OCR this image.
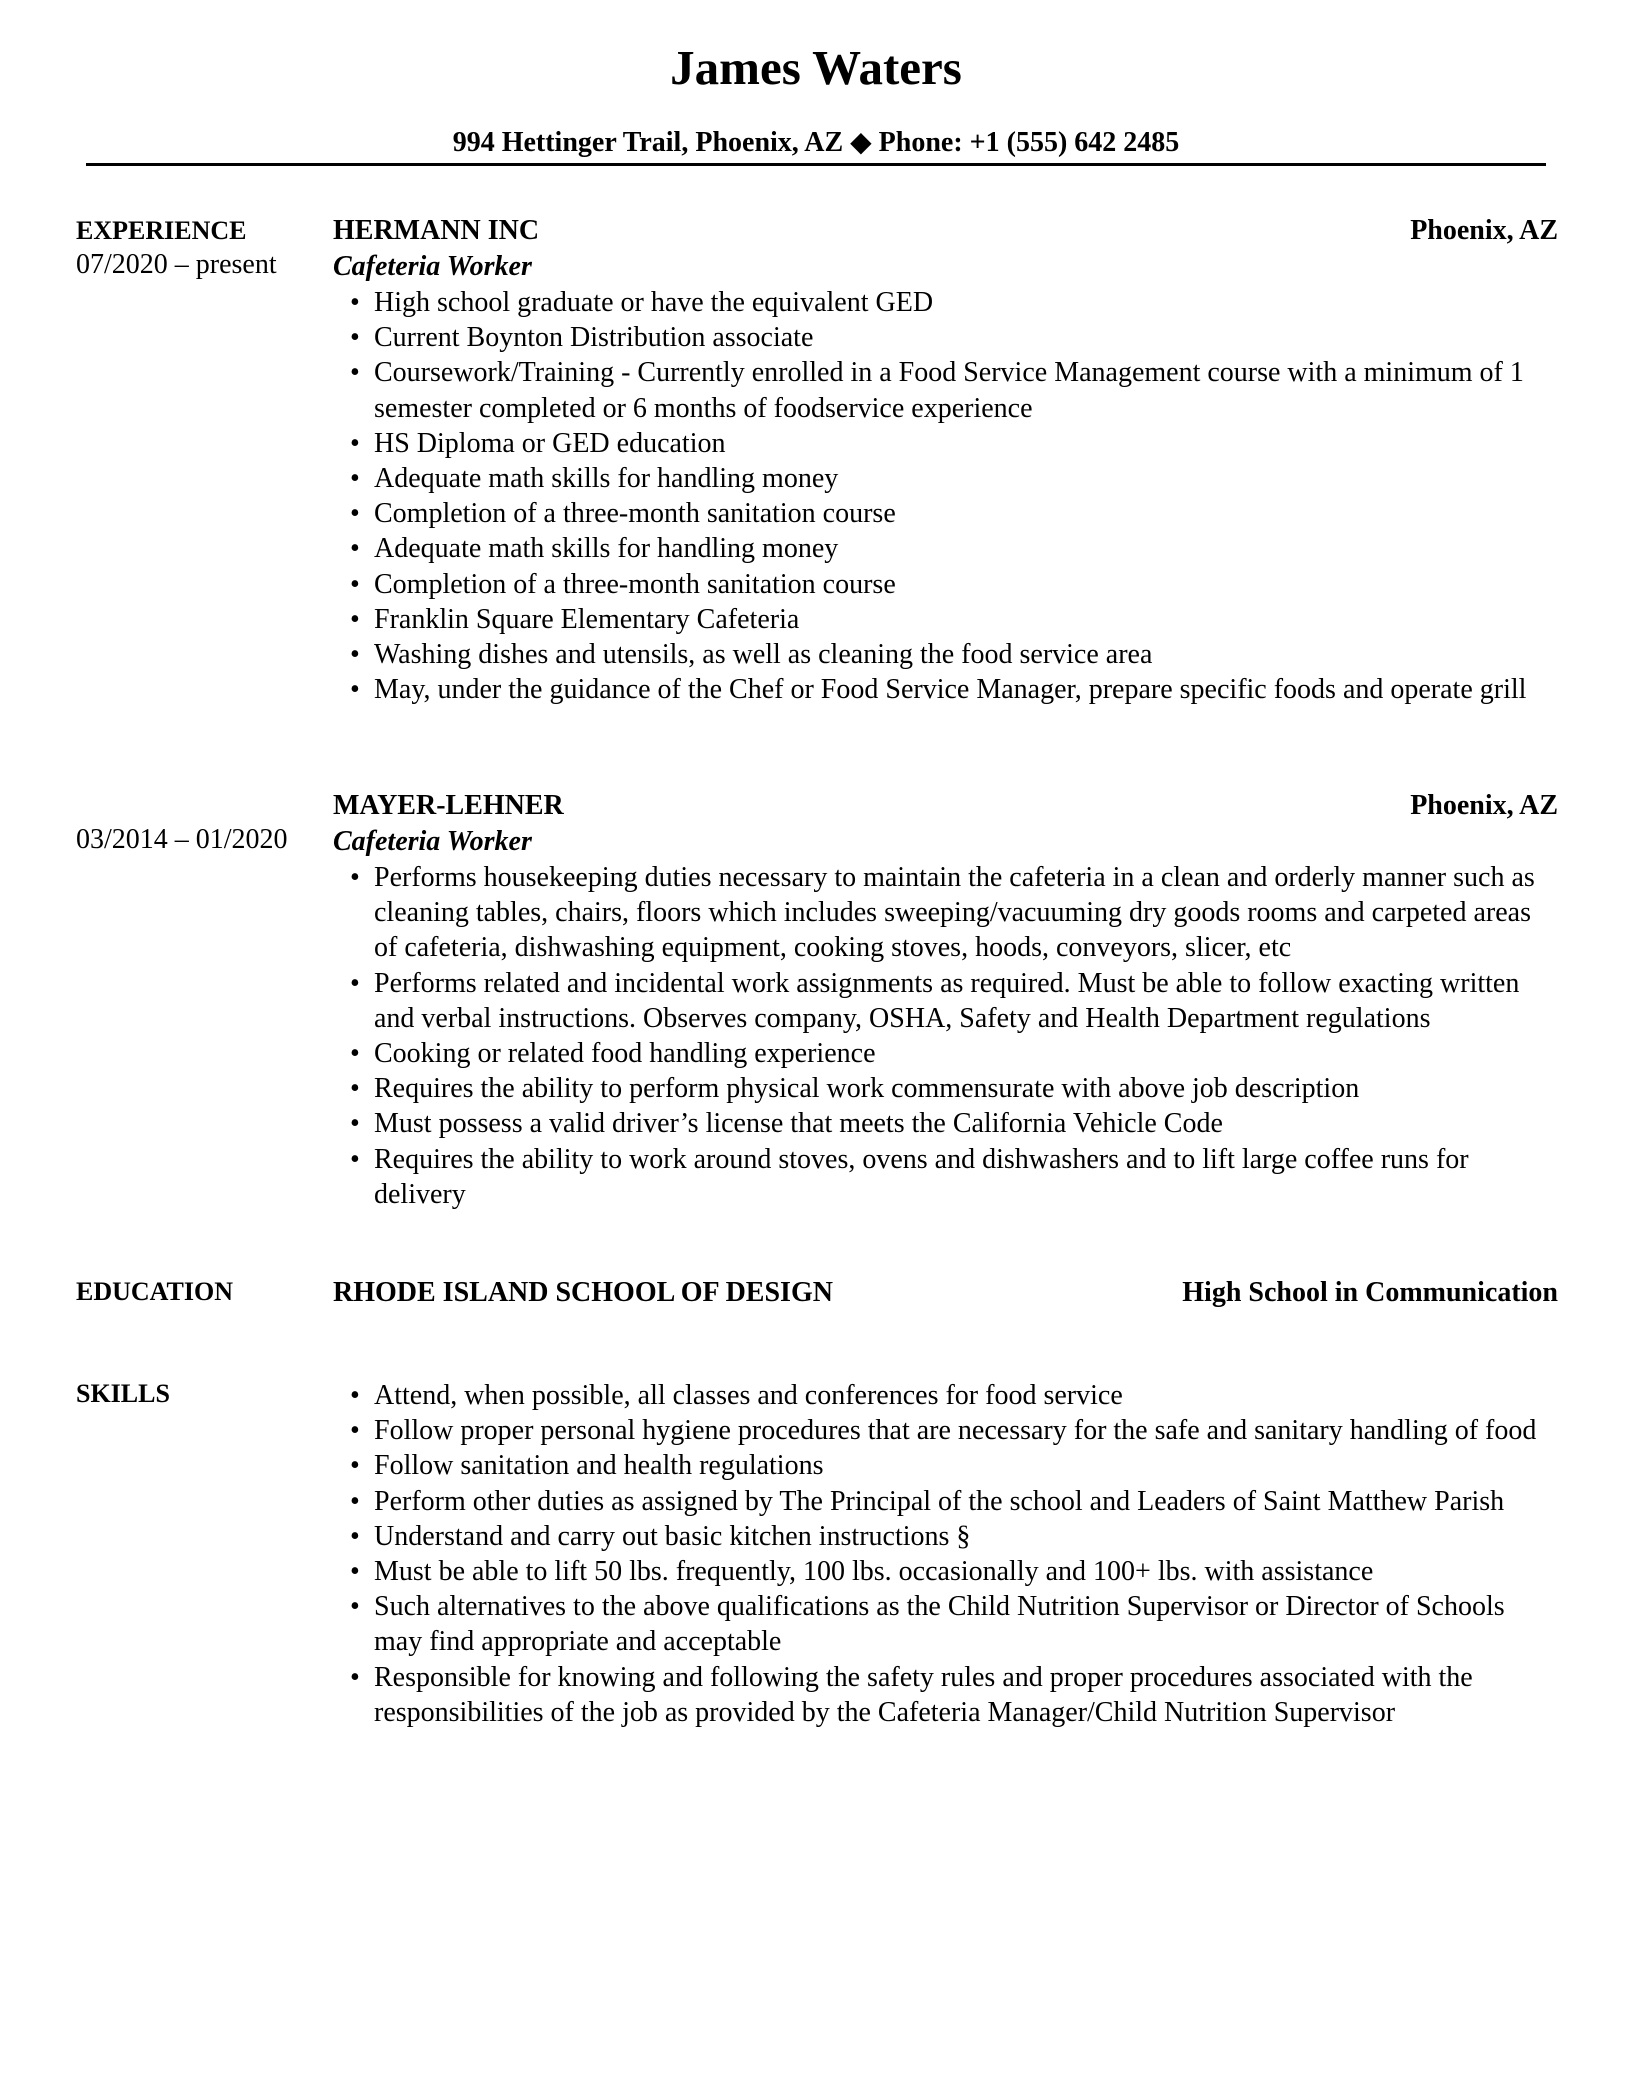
James Waters
994 Hettinger Trail, Phoenix, AZ ◆ Phone: +1 (555) 642 2485
EXPERIENCE	HERMANN INC	Phoenix, AZ
07/2020 – present Cafeteria Worker
• High school graduate or have the equivalent GED
• Current Boynton Distribution associate
• Coursework/Training - Currently enrolled in a Food Service Management course with a minimum of 1 semester completed or 6 months of foodservice experience
• HS Diploma or GED education
• Adequate math skills for handling money
• Completion of a three-month sanitation course
• Adequate math skills for handling money
• Completion of a three-month sanitation course
• Franklin Square Elementary Cafeteria
• Washing dishes and utensils, as well as cleaning the food service area
• May, under the guidance of the Chef or Food Service Manager, prepare specific foods and operate grill
MAYER-LEHNER	Phoenix, AZ
03/2014 – 01/2020 Cafeteria Worker
• Performs housekeeping duties necessary to maintain the cafeteria in a clean and orderly manner such as cleaning tables, chairs, floors which includes sweeping/vacuuming dry goods rooms and carpeted areas of cafeteria, dishwashing equipment, cooking stoves, hoods, conveyors, slicer, etc
• Performs related and incidental work assignments as required. Must be able to follow exacting written and verbal instructions. Observes company, OSHA, Safety and Health Department regulations
• Cooking or related food handling experience
• Requires the ability to perform physical work commensurate with above job description
• Must possess a valid driver’s license that meets the California Vehicle Code
• Requires the ability to work around stoves, ovens and dishwashers and to lift large coffee runs for delivery
EDUCATION	RHODE ISLAND SCHOOL OF DESIGN	High School in Communication
SKILLS	• Attend, when possible, all classes and conferences for food service
• Follow proper personal hygiene procedures that are necessary for the safe and sanitary handling of food
• Follow sanitation and health regulations
• Perform other duties as assigned by The Principal of the school and Leaders of Saint Matthew Parish
• Understand and carry out basic kitchen instructions §
• Must be able to lift 50 lbs. frequently, 100 lbs. occasionally and 100+ lbs. with assistance
• Such alternatives to the above qualifications as the Child Nutrition Supervisor or Director of Schools may find appropriate and acceptable
• Responsible for knowing and following the safety rules and proper procedures associated with the responsibilities of the job as provided by the Cafeteria Manager/Child Nutrition Supervisor
